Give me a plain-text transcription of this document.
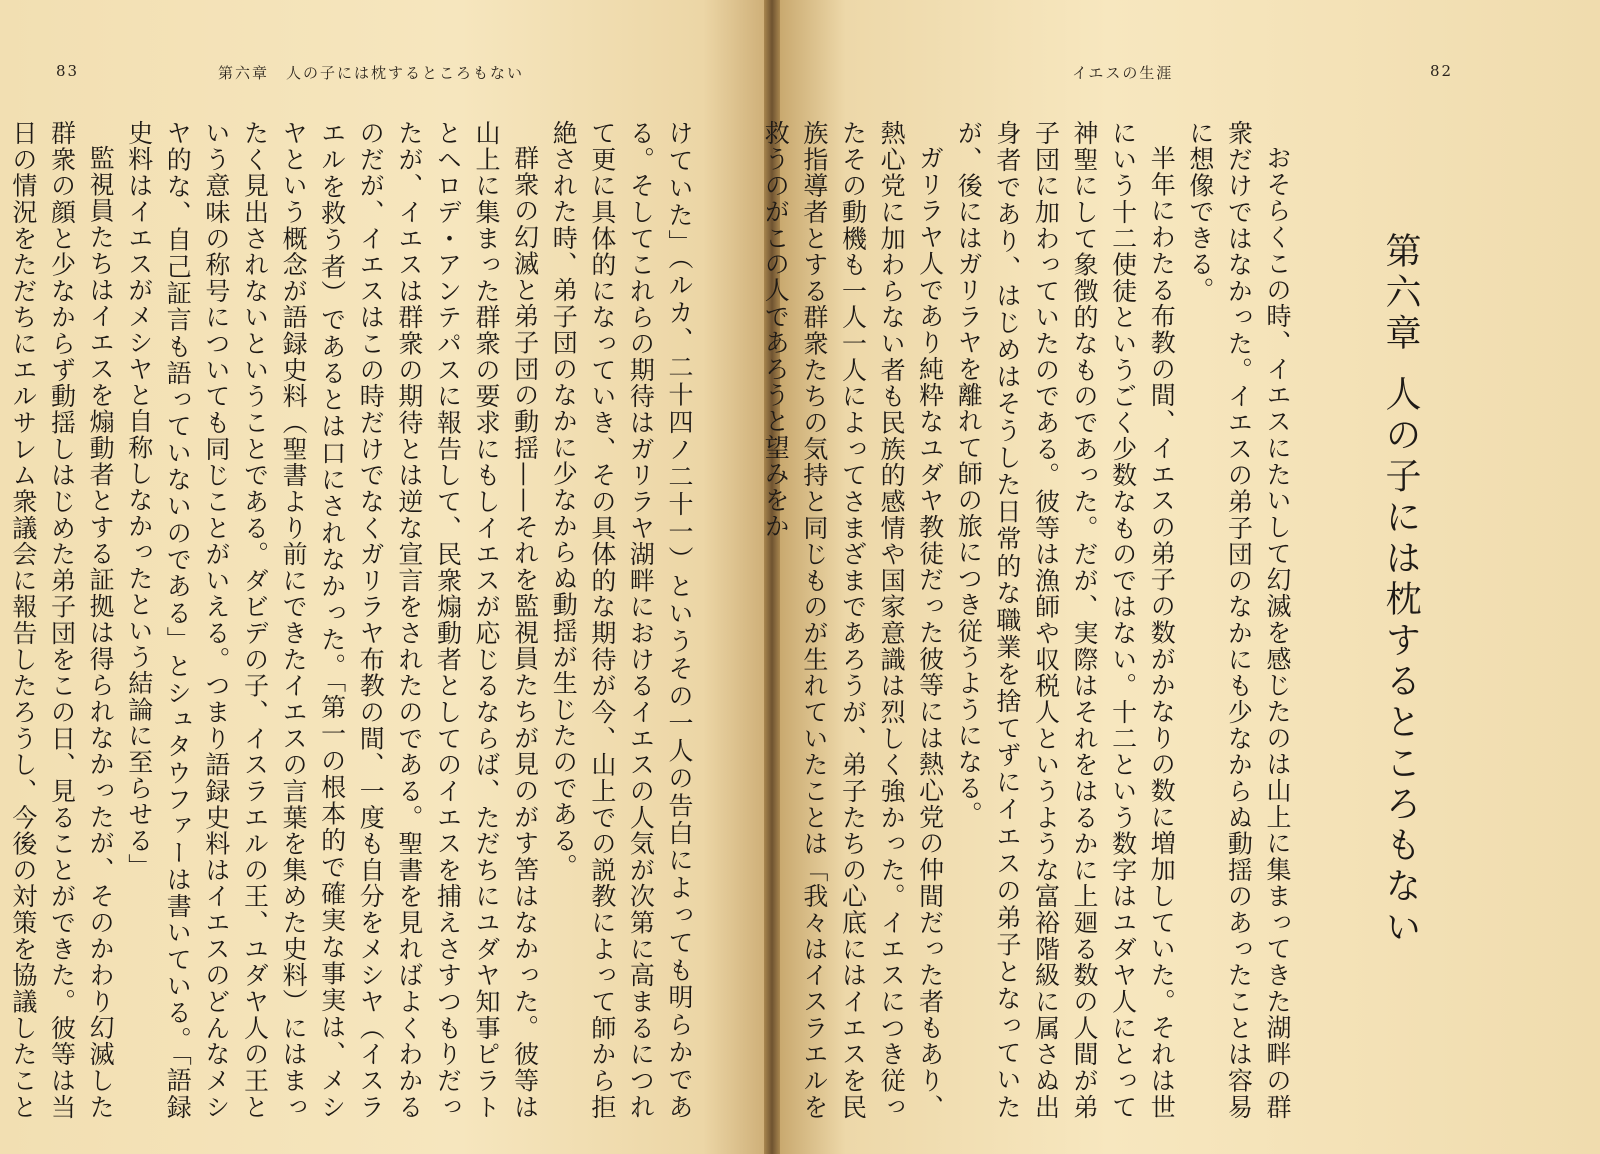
83	第六章　人の子には枕するところもない

けていた」（ルカ、二十四ノ二十一）というその一人の告白によっても明らかである。そしてこれらの期待はガリラヤ湖畔におけるイエスの人気が次第に高まるにつれて更に具体的になっていき、その具体的な期待が今、山上での説教によって師から拒絶された時、弟子団のなかに少なからぬ動揺が生じたのである。

群衆の幻滅と弟子団の動揺——それを監視員たちが見のがす筈はなかった。彼等は山上に集まった群衆の要求にもしイエスが応じるならば、ただちにユダヤ知事ピラトとヘロデ・アンテパスに報告して、民衆煽動者としてのイエスを捕えさすつもりだったが、イエスは群衆の期待とは逆な宣言をされたのである。聖書を見ればよくわかるのだが、イエスはこの時だけでなくガリラヤ布教の間、一度も自分をメシヤ（イスラエルを救う者）であるとは口にされなかった。「第一の根本的で確実な事実は、メシヤという概念が語録史料（聖書より前にできたイエスの言葉を集めた史料）にはまったく見出されないということである。ダビデの子、イスラエルの王、ユダヤ人の王という意味の称号についても同じことがいえる。つまり語録史料はイエスのどんなメシヤ的な、自己証言も語っていないのである」とシュタウファーは書いている。「語録史料はイエスがメシヤと自称しなかったという結論に至らせる」

監視員たちはイエスを煽動者とする証拠は得られなかったが、そのかわり幻滅した群衆の顔と少なからず動揺しはじめた弟子団をこの日、見ることができた。彼等は当日の情況をただちにエルサレム衆議会に報告したろうし、今後の対策を協議したこと

イエスの生涯	82

おそらくこの時、イエスにたいして幻滅を感じたのは山上に集まってきた湖畔の群衆だけではなかった。イエスの弟子団のなかにも少なからぬ動揺のあったことは容易に想像できる。

半年にわたる布教の間、イエスの弟子の数がかなりの数に増加していた。それは世にいう十二使徒というごく少数なものではない。十二という数字はユダヤ人にとって神聖にして象徴的なものであった。だが、実際はそれをはるかに上廻る数の人間が弟子団に加わっていたのである。彼等は漁師や収税人というような富裕階級に属さぬ出身者であり、はじめはそうした日常的な職業を捨てずにイエスの弟子となっていたが、後にはガリラヤを離れて師の旅につき従うようになる。

ガリラヤ人であり純粋なユダヤ教徒だった彼等には熱心党の仲間だった者もあり、熱心党に加わらない者も民族的感情や国家意識は烈しく強かった。イエスにつき従ったその動機も一人一人によってさまざまであろうが、弟子たちの心底にはイエスを民族指導者とする群衆たちの気持と同じものが生れていたことは「我々はイスラエルを救うのがこの人であろうと望みをか	第六章人の子には枕するところもない
